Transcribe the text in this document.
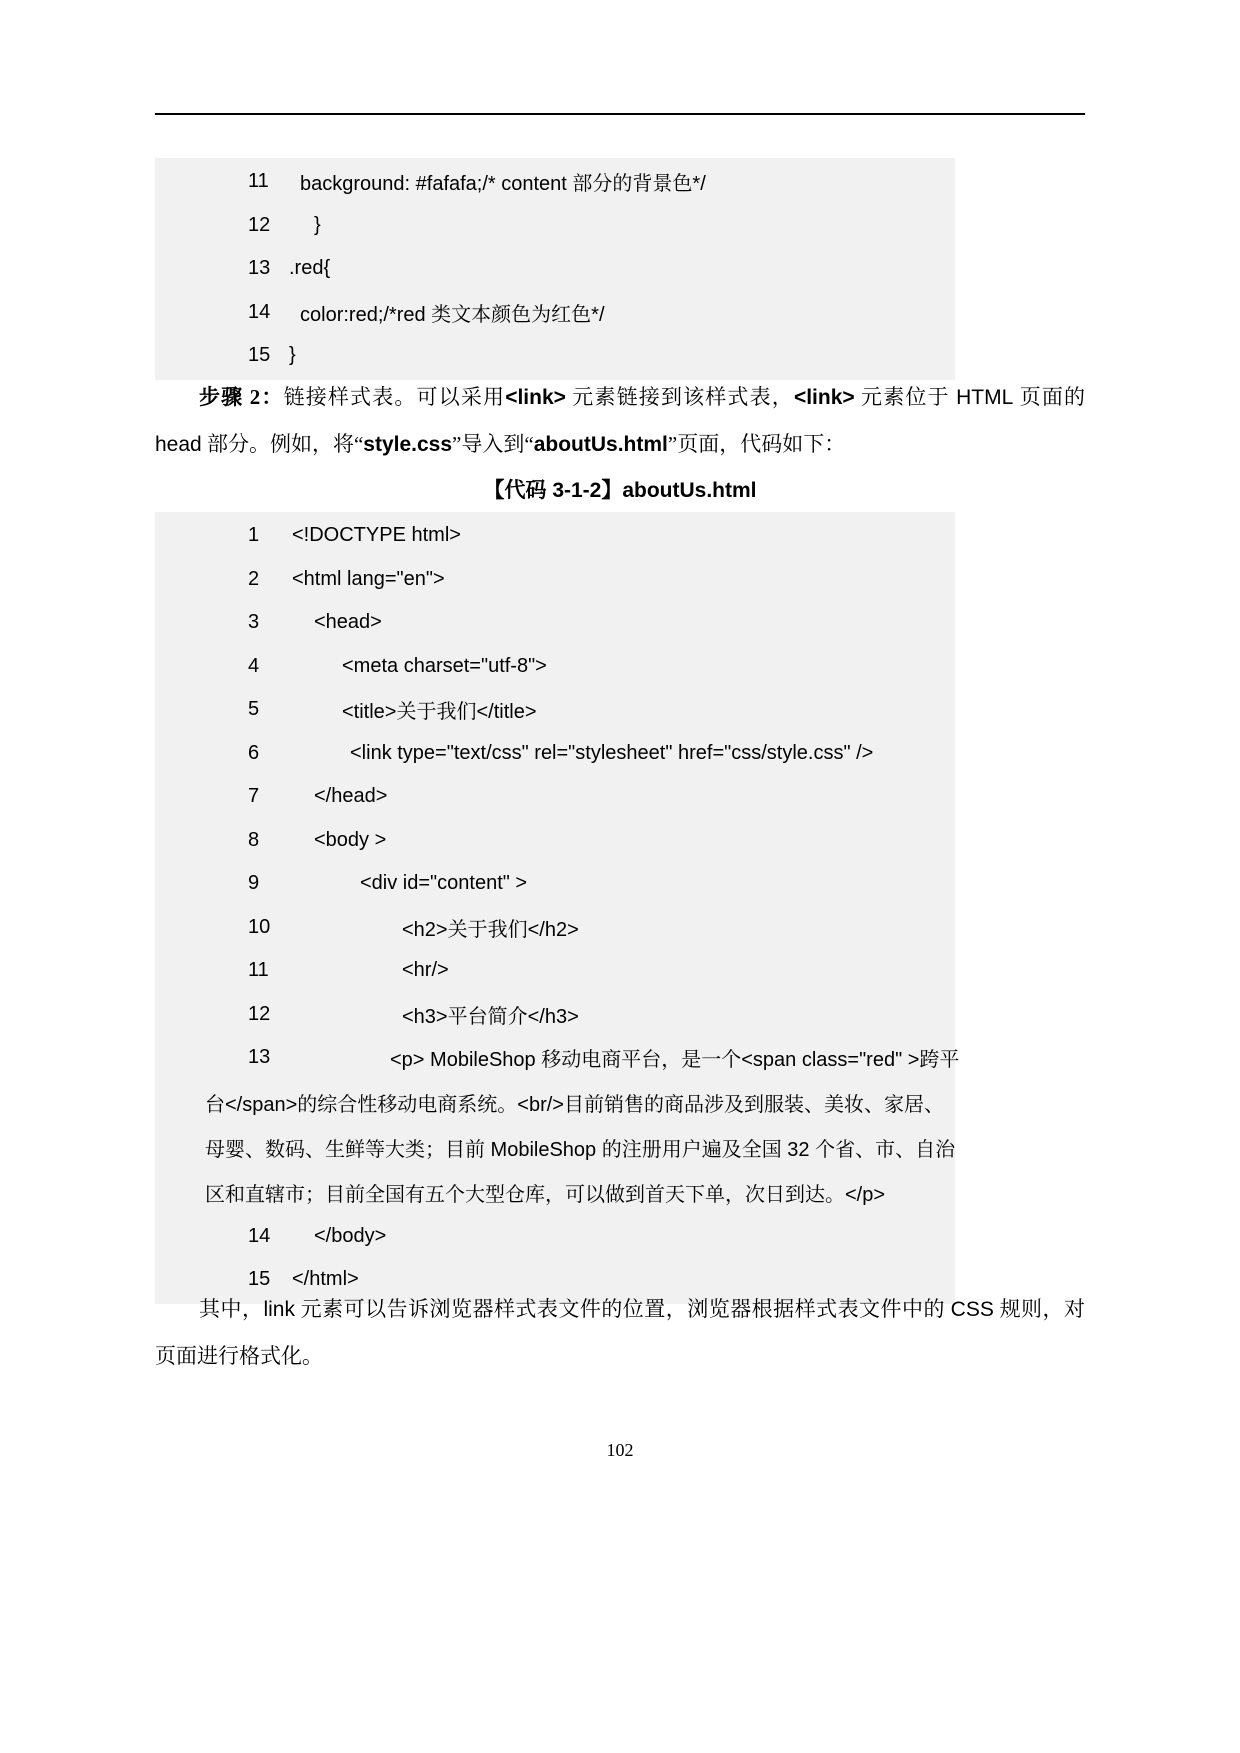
11	background: #fafafa;/* content 部分的背景色*/
12	}
13 .red{
14	color:red;/*red 类文本颜色为红色*/
15 }

步骤 2：链接样式表。可以采用<link> 元素链接到该样式表，<link> 元素位于 HTML 页面的 head 部分。例如，将“style.css”导入到“aboutUs.html”页面，代码如下：

【代码 3-1-2】aboutUs.html
1	<!DOCTYPE html>
2	<html lang="en">
3	<head>
4	<meta charset="utf-8">
5	<title>关于我们</title>
6	<link type="text/css" rel="stylesheet" href="css/style.css" />
7	</head>
8	<body >
9	<div id="content" >
10	<h2>关于我们</h2>
11	<hr/>
12	<h3>平台简介</h3>
13	<p> MobileShop 移动电商平台，是一个<span class="red" >跨平
台</span>的综合性移动电商系统。<br/>目前销售的商品涉及到服装、美妆、家居、
母婴、数码、生鲜等大类；目前 MobileShop 的注册用户遍及全国 32 个省、市、自治
区和直辖市；目前全国有五个大型仓库，可以做到首天下单，次日到达。</p>
14	</body>
15	</html>

其中，link 元素可以告诉浏览器样式表文件的位置，浏览器根据样式表文件中的 CSS 规则，对页面进行格式化。

102
